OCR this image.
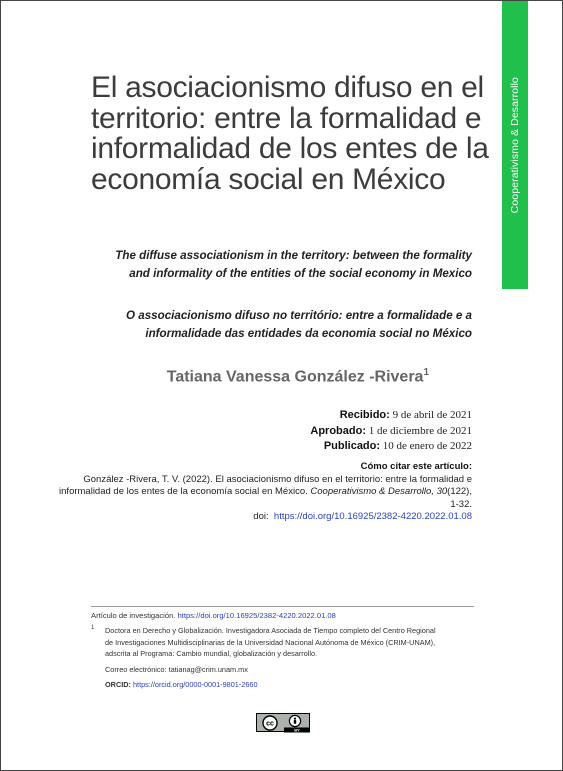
Cooperativismo & Desarrollo
El asociacionismo difuso en el territorio: entre la formalidad e informalidad de los entes de la economía social en México

The diffuse associationism in the territory: between the formality and informality of the entities of the social economy in Mexico

O associacionismo difuso no território: entre a formalidade e a informalidade das entidades da economia social no México

Tatiana Vanessa González -Rivera$^1$

Recibido: 9 de abril de 2021
Aprobado: 1 de diciembre de 2021
Publicado: 10 de enero de 2022
Cómo citar este artículo:
González -Rivera, T. V. (2022). El asociacionismo difuso en el territorio: entre la formalidad e informalidad de los entes de la economía social en México. Cooperativismo & Desarrollo, 30(122), 1-32.
doi: https://doi.org/10.16925/2382-4220.2022.01.08
Artículo de investigación. https://doi.org/10.16925/2382-4220.2022.01.08
1 Doctora en Derecho y Globalización. Investigadora Asociada de Tiempo completo del Centro Regional de Investigaciones Multidisciplinarias de la Universidad Nacional Autónoma de México (CRIM-UNAM), adscrita al Programa: Cambio mundial, globalización y desarrollo.

Correo electrónico: tatianag@crim.unam.mx

ORCID: https://orcid.org/0000-0001-9801-2660

cc
BY
